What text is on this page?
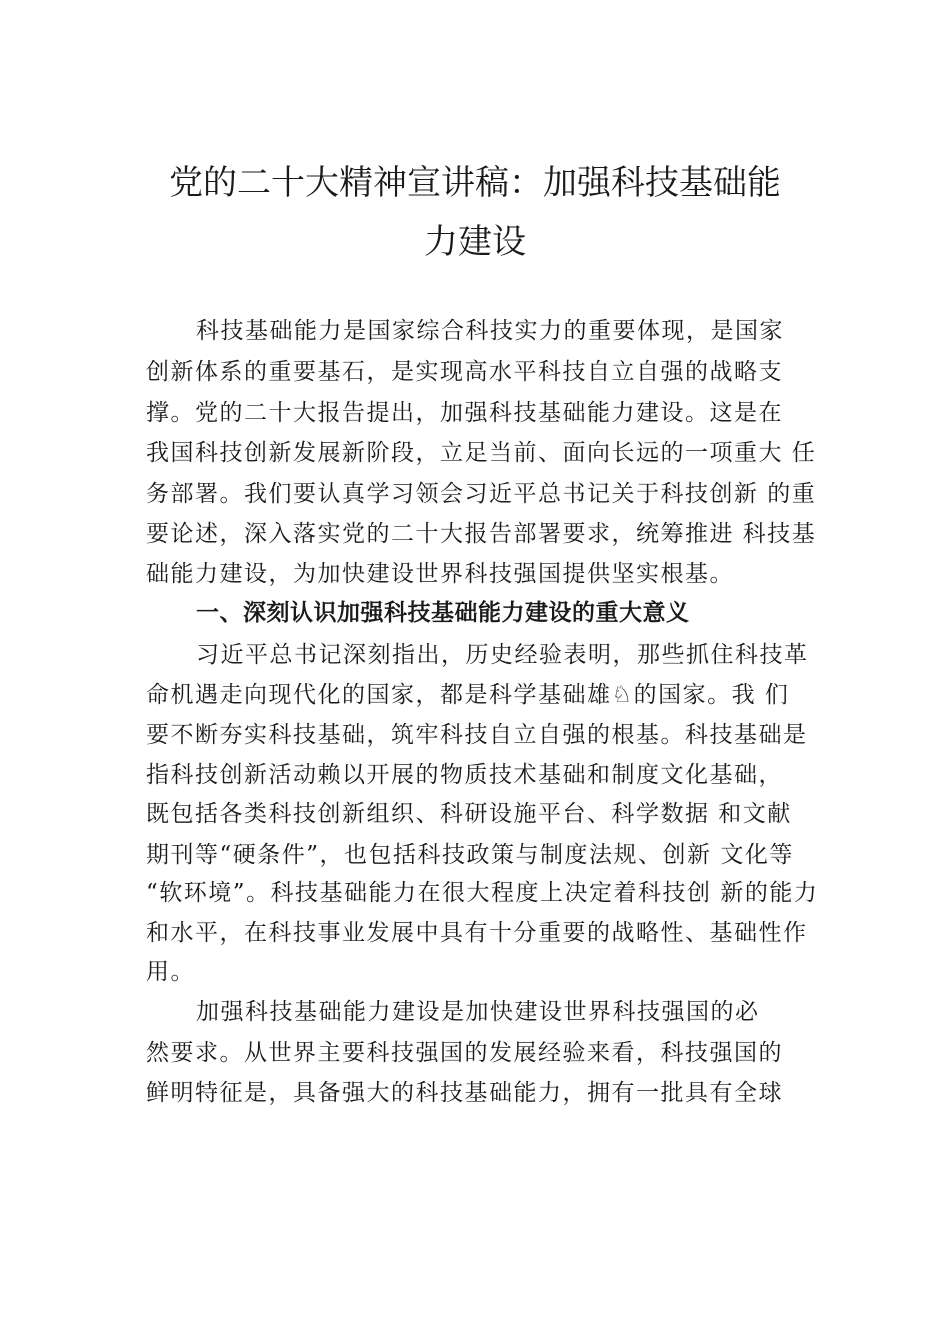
党的二十大精神宣讲稿：加强科技基础能
力建设
科技基础能力是国家综合科技实力的重要体现，是国家
创新体系的重要基石，是实现高水平科技自立自强的战略支
撑。党的二十大报告提出，加强科技基础能力建设。这是在
我国科技创新发展新阶段，立足当前、面向长远的一项重大 任
务部署。我们要认真学习领会习近平总书记关于科技创新 的重
要论述，深入落实党的二十大报告部署要求，统筹推进 科技基
础能力建设，为加快建设世界科技强国提供坚实根基。
一、深刻认识加强科技基础能力建设的重大意义
习近平总书记深刻指出，历史经验表明，那些抓住科技革
命机遇走向现代化的国家，都是科学基础雄♘的国家。我 们
要不断夯实科技基础，筑牢科技自立自强的根基。科技基础是
指科技创新活动赖以开展的物质技术基础和制度文化基础，
既包括各类科技创新组织、科研设施平台、科学数据 和文献
期刊等“硬条件”，也包括科技政策与制度法规、创新 文化等
“软环境”。科技基础能力在很大程度上决定着科技创 新的能力
和水平，在科技事业发展中具有十分重要的战略性、基础性作
用。
加强科技基础能力建设是加快建设世界科技强国的必
然要求。从世界主要科技强国的发展经验来看，科技强国的
鲜明特征是，具备强大的科技基础能力，拥有一批具有全球
